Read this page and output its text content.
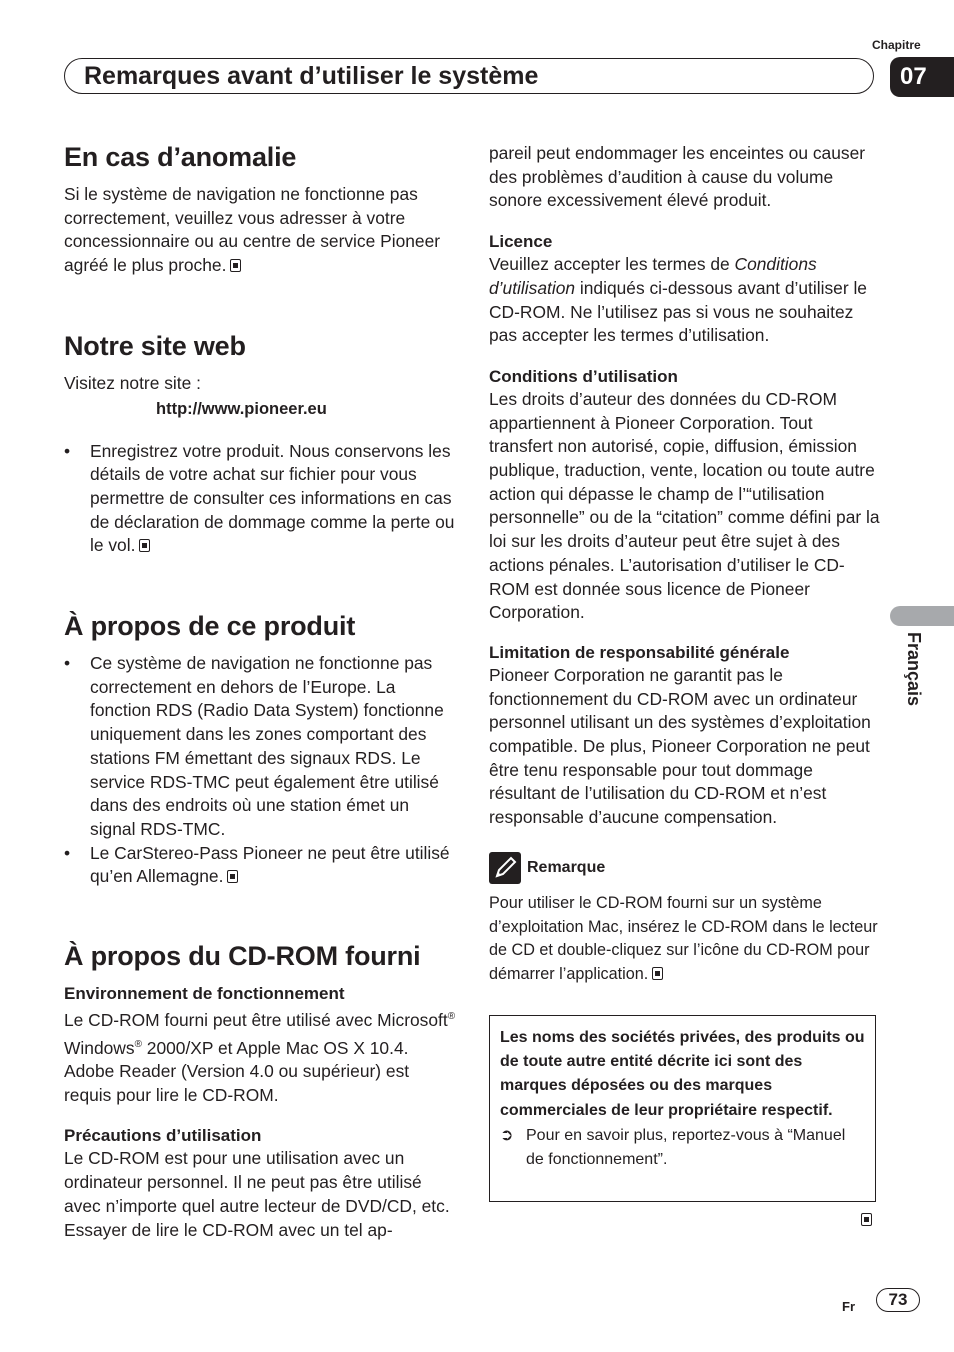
Chapitre
07
Remarques avant d’utiliser le système
En cas d’anomalie

Si le système de navigation ne fonctionne pas correctement, veuillez vous adresser à votre concessionnaire ou au centre de service Pioneer agréé le plus proche.

Notre site web

Visitez notre site :

http://www.pioneer.eu
• Enregistrez votre produit. Nous conservons les détails de votre achat sur fichier pour vous permettre de consulter ces informations en cas de déclaration de dommage comme la perte ou le vol.
À propos de ce produit
• Ce système de navigation ne fonctionne pas correctement en dehors de l’Europe. La fonction RDS (Radio Data System) fonctionne uniquement dans les zones comportant des stations FM émettant des signaux RDS. Le service RDS-TMC peut également être utilisé dans des endroits où une station émet un signal RDS-TMC.
• Le CarStereo-Pass Pioneer ne peut être utilisé qu’en Allemagne.
À propos du CD-ROM fourni
Environnement de fonctionnement

Le CD-ROM fourni peut être utilisé avec Microsoft® Windows® 2000/XP et Apple Mac OS X 10.4.

Adobe Reader (Version 4.0 ou supérieur) est requis pour lire le CD-ROM.

Précautions d’utilisation

Le CD-ROM est pour une utilisation avec un ordinateur personnel. Il ne peut pas être utilisé avec n’importe quel autre lecteur de DVD/CD, etc. Essayer de lire le CD-ROM avec un tel ap-

pareil peut endommager les enceintes ou causer des problèmes d’audition à cause du volume sonore excessivement élevé produit.

Licence

Veuillez accepter les termes de Conditions d’utilisation indiqués ci-dessous avant d’utiliser le CD-ROM. Ne l’utilisez pas si vous ne souhaitez pas accepter les termes d’utilisation.

Conditions d’utilisation

Les droits d’auteur des données du CD-ROM appartiennent à Pioneer Corporation. Tout transfert non autorisé, copie, diffusion, émission publique, traduction, vente, location ou toute autre action qui dépasse le champ de l’“utilisation personnelle” ou de la “citation” comme défini par la loi sur les droits d’auteur peut être sujet à des actions pénales. L’autorisation d’utiliser le CD-ROM est donnée sous licence de Pioneer Corporation.

Limitation de responsabilité générale

Pioneer Corporation ne garantit pas le fonctionnement du CD-ROM avec un ordinateur personnel utilisant un des systèmes d’exploitation compatible. De plus, Pioneer Corporation ne peut être tenu responsable pour tout dommage résultant de l’utilisation du CD-ROM et n’est responsable d’aucune compensation.

Remarque

Pour utiliser le CD-ROM fourni sur un système d’exploitation Mac, insérez le CD-ROM dans le lecteur de CD et double-cliquez sur l’icône du CD-ROM pour démarrer l’application.

Les noms des sociétés privées, des produits ou de toute autre entité décrite ici sont des marques déposées ou des marques commerciales de leur propriétaire respectif.
➲ Pour en savoir plus, reportez-vous à “Manuel de fonctionnement”.
Français
Fr	73
